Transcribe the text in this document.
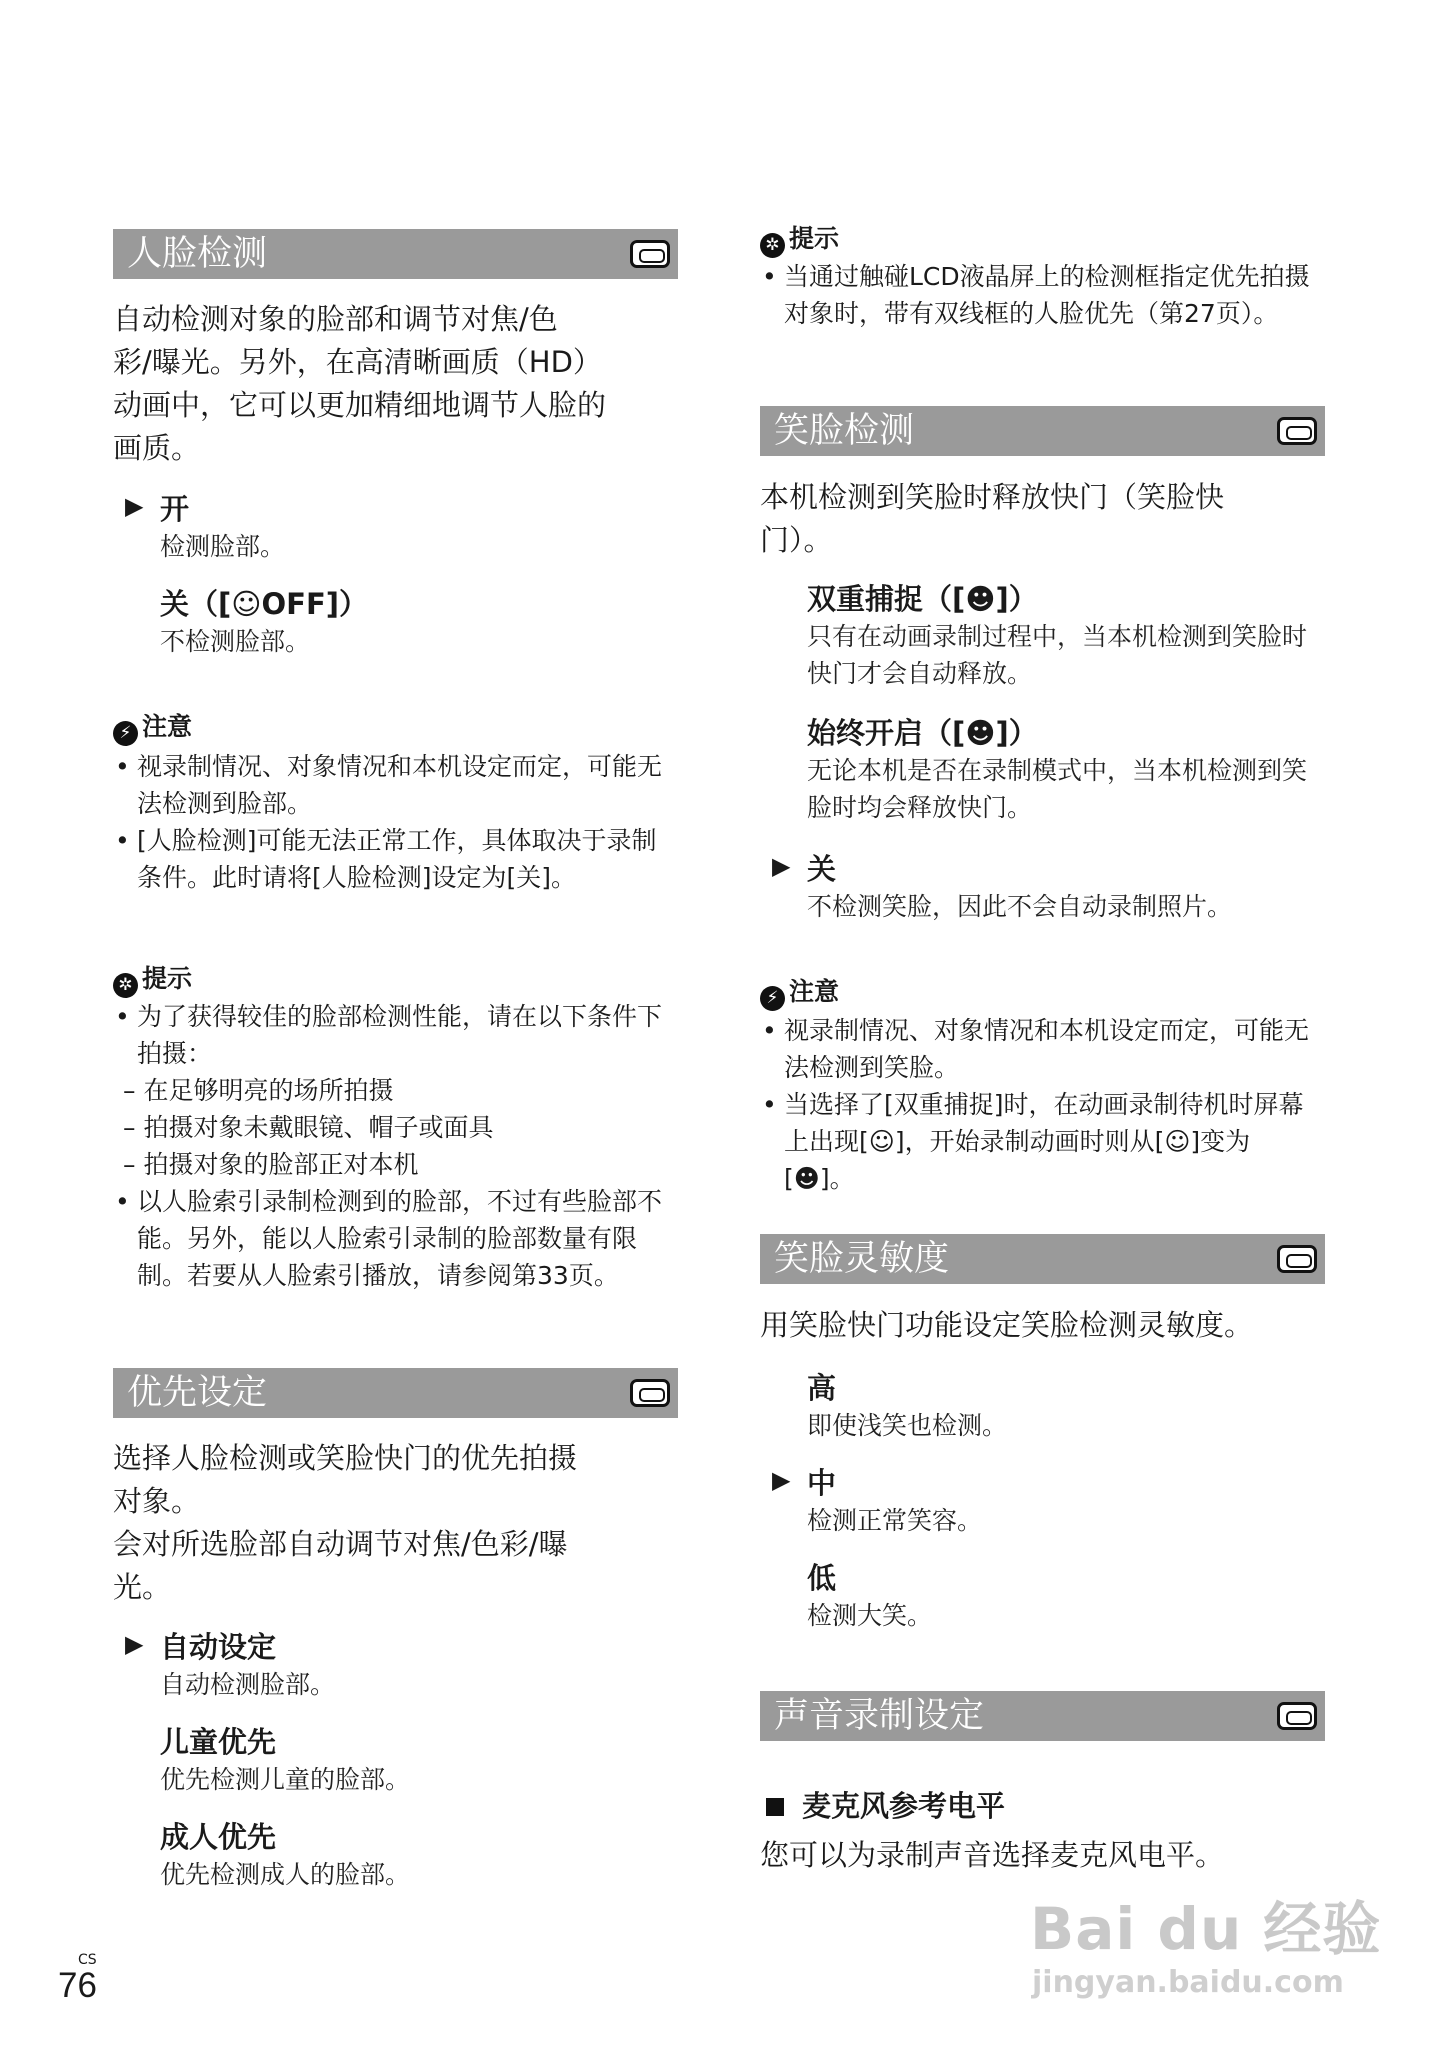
人脸检测
自动检测对象的脸部和调节对焦/色
彩/曝光。另外，在高清晰画质（HD）
动画中，它可以更加精细地调节人脸的
画质。
▶ 开
检测脸部。
关（[☺OFF]）
不检测脸部。
⚡ 注意
• 视录制情况、对象情况和本机设定而定，可能无法检测到脸部。
• [人脸检测]可能无法正常工作，具体取决于录制条件。此时请将[人脸检测]设定为[关]。
✲ 提示
• 为了获得较佳的脸部检测性能，请在以下条件下拍摄：
– 在足够明亮的场所拍摄
– 拍摄对象未戴眼镜、帽子或面具
– 拍摄对象的脸部正对本机
• 以人脸索引录制检测到的脸部，不过有些脸部不能。另外，能以人脸索引录制的脸部数量有限制。若要从人脸索引播放，请参阅第33页。
优先设定
选择人脸检测或笑脸快门的优先拍摄
对象。
会对所选脸部自动调节对焦/色彩/曝
光。
▶ 自动设定
自动检测脸部。
儿童优先
优先检测儿童的脸部。
成人优先
优先检测成人的脸部。
✲ 提示
• 当通过触碰LCD液晶屏上的检测框指定优先拍摄对象时，带有双线框的人脸优先（第27页）。
笑脸检测
本机检测到笑脸时释放快门（笑脸快
门）。
双重捕捉（[☻]）
只有在动画录制过程中，当本机检测到笑脸时快门才会自动释放。
始终开启（[☻]）
无论本机是否在录制模式中，当本机检测到笑脸时均会释放快门。
▶ 关
不检测笑脸，因此不会自动录制照片。
⚡ 注意
• 视录制情况、对象情况和本机设定而定，可能无法检测到笑脸。
• 当选择了[双重捕捉]时，在动画录制待机时屏幕上出现[☺]，开始录制动画时则从[☺]变为[☻]。
笑脸灵敏度
用笑脸快门功能设定笑脸检测灵敏度。
高
即使浅笑也检测。
▶ 中
检测正常笑容。
低
检测大笑。
声音录制设定
麦克风参考电平
您可以为录制声音选择麦克风电平。
CS
76
Bai du 经验
jingyan.baidu.com
